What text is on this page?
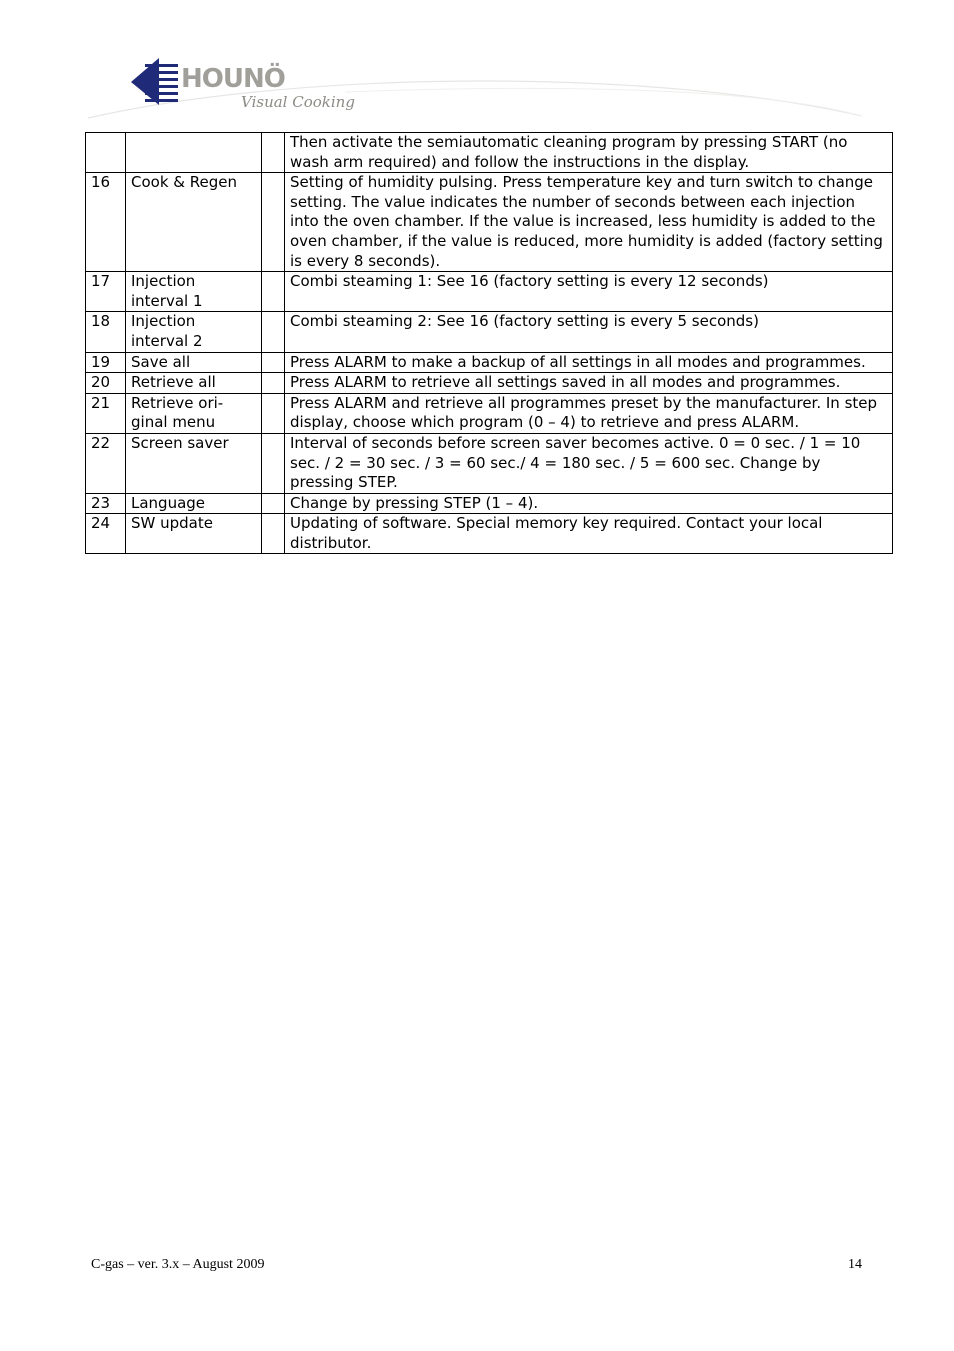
HOUNÖ
Visual Cooking
			Then activate the semiautomatic cleaning program by pressing START (no wash arm required) and follow the instructions in the display.
16	Cook & Regen		Setting of humidity pulsing. Press temperature key and turn switch to change setting. The value indicates the number of seconds between each injection into the oven chamber. If the value is increased, less humidity is added to the oven chamber, if the value is reduced, more humidity is added (factory setting is every 8 seconds).
17	Injection interval 1		Combi steaming 1: See 16 (factory setting is every 12 seconds)
18	Injection interval 2		Combi steaming 2: See 16 (factory setting is every 5 seconds)
19	Save all		Press ALARM to make a backup of all settings in all modes and programmes.
20	Retrieve all		Press ALARM to retrieve all settings saved in all modes and programmes.
21	Retrieve ori-ginal menu		Press ALARM and retrieve all programmes preset by the manufacturer. In step display, choose which program (0 – 4) to retrieve and press ALARM.
22	Screen saver		Interval of seconds before screen saver becomes active. 0 = 0 sec. / 1 = 10 sec. / 2 = 30 sec. / 3 = 60 sec./ 4 = 180 sec. / 5 = 600 sec. Change by pressing STEP.
23	Language		Change by pressing STEP (1 – 4).
24	SW update		Updating of software. Special memory key required. Contact your local distributor.
C-gas – ver. 3.x – August 2009	14
